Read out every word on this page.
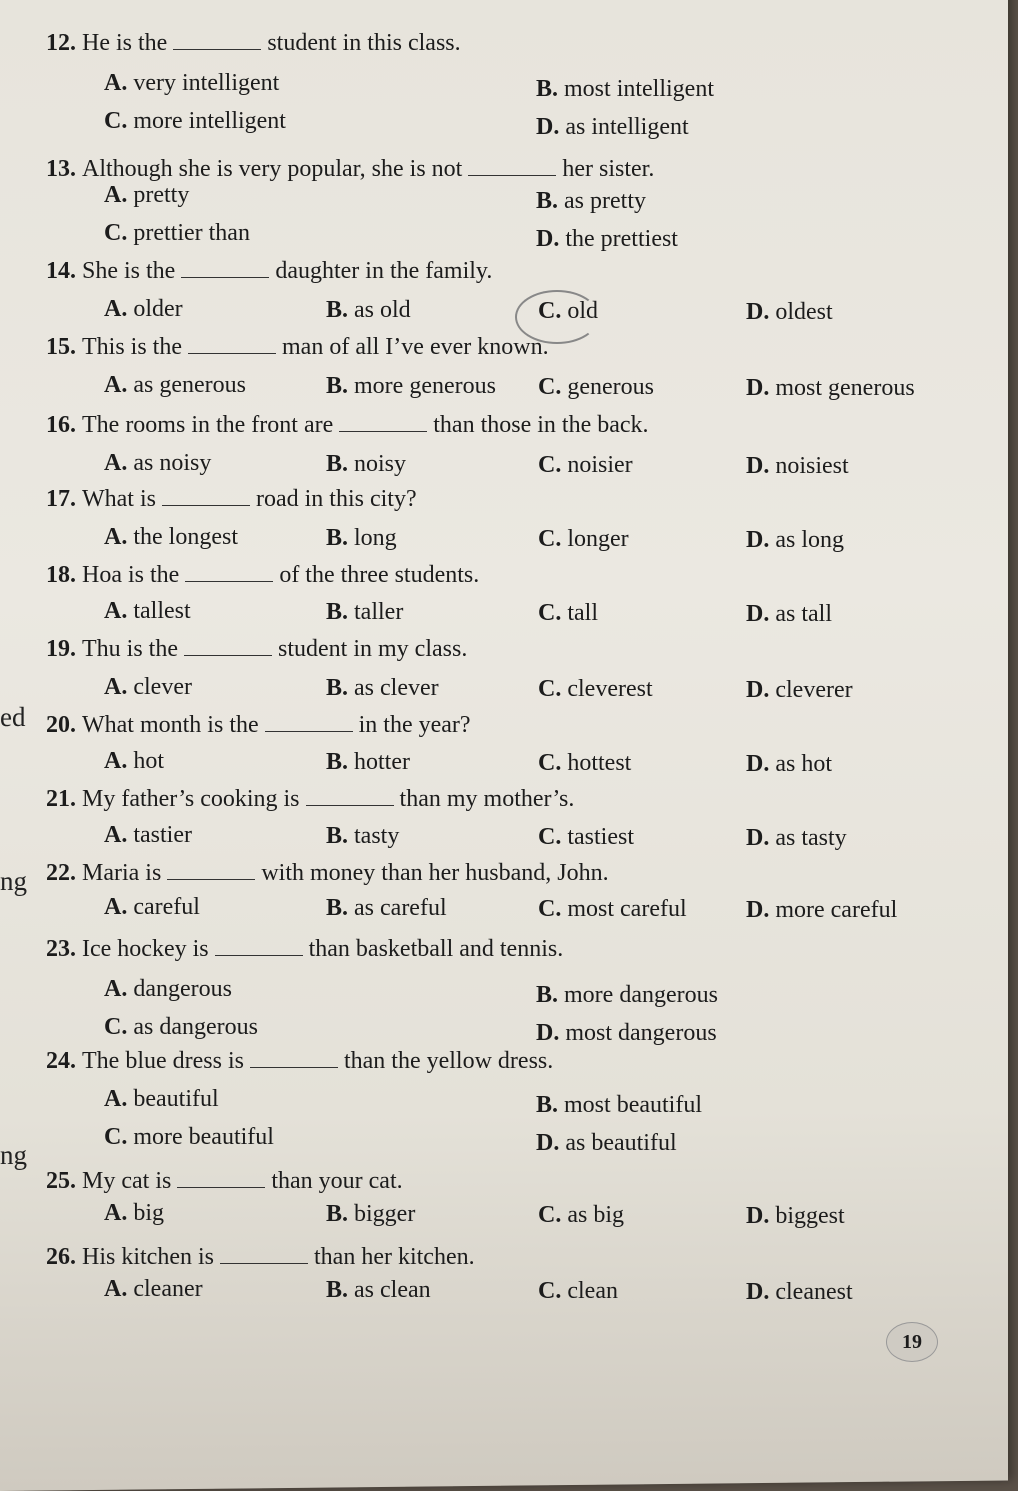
12. He is the	student in this class.
A. very intelligent	B. most intelligent
C. more intelligent	D. as intelligent
13. Although she is very popular, she is not	her sister.
A. pretty	B. as pretty
C. prettier than	D. the prettiest
14. She is the	daughter in the family.
A. older	B. as old	C. old	D. oldest
15. This is the	man of all I’ve ever known.
A. as generous	B. more generous C. generous	D. most generous
16. The rooms in the front are	than those in the back.
A. as noisy	B. noisy	C. noisier	D. noisiest
17. What is	road in this city?
A. the longest	B. long	C. longer	D. as long
18. Hoa is the	of the three students.
A. tallest	B. taller	C. tall	D. as tall
19. Thu is the	student in my class.
A. clever	B. as clever	C. cleverest	D. cleverer
20. What month is the	in the year?
A. hot	B. hotter	C. hottest	D. as hot
21. My father’s cooking is	than my mother’s.
A. tastier	B. tasty	C. tastiest	D. as tasty
22. Maria is	with money than her husband, John.
A. careful	B. as careful	C. most careful D. more careful
23. Ice hockey is	than basketball and tennis.
A. dangerous	B. more dangerous
C. as dangerous	D. most dangerous
24. The blue dress is	than the yellow dress.
A. beautiful	B. most beautiful
C. more beautiful	D. as beautiful
25. My cat is	than your cat.
A. big	B. bigger	C. as big	D. biggest
26. His kitchen is	than her kitchen.
A. cleaner	B. as clean	C. clean	D. cleanest
ed
ng
ng
19
